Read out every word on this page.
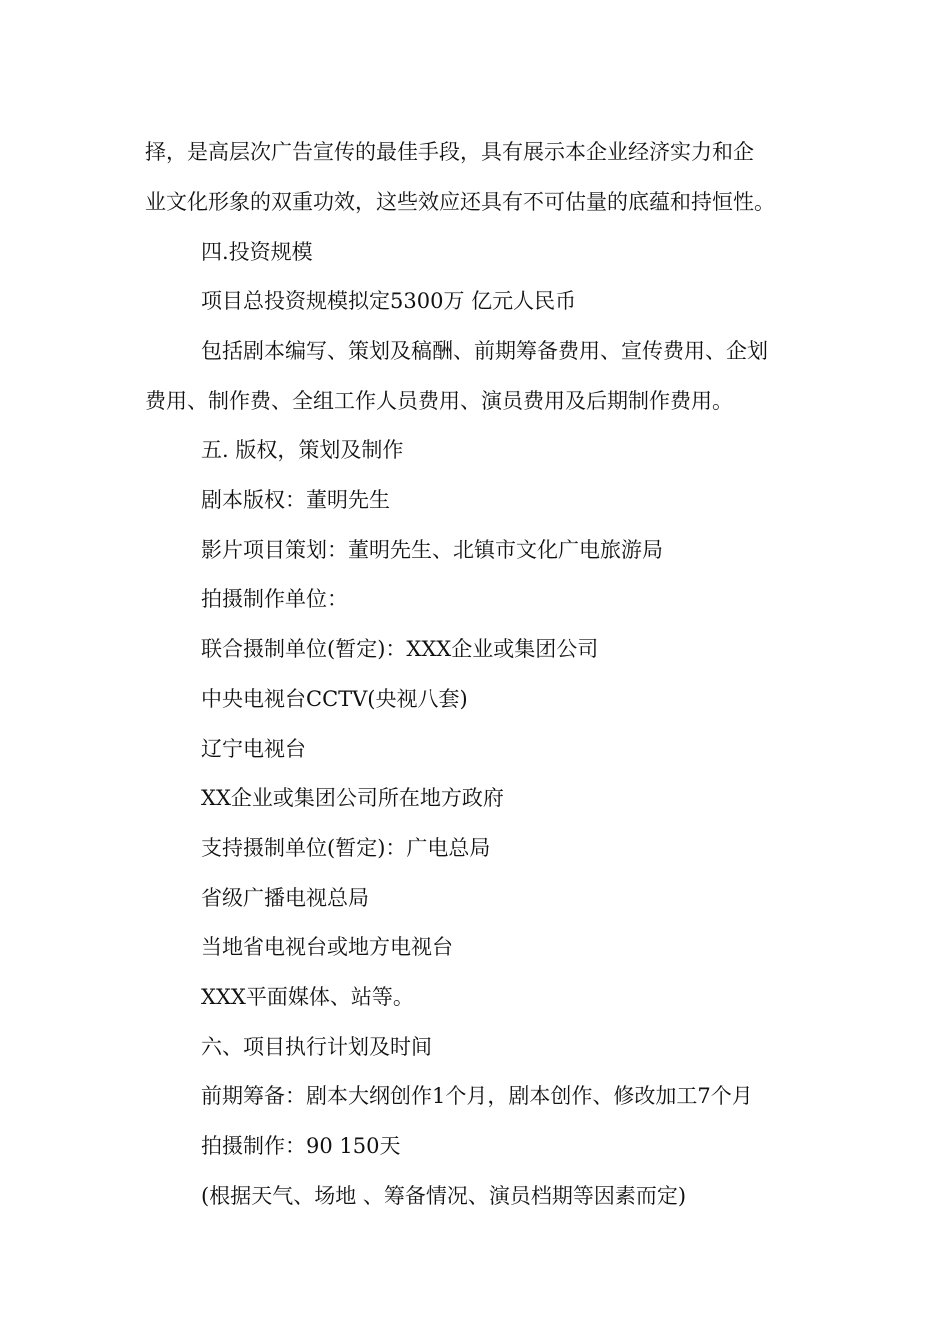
择，是高层次广告宣传的最佳手段，具有展示本企业经济实力和企
业文化形象的双重功效，这些效应还具有不可估量的底蕴和持恒性。
四.投资规模
项目总投资规模拟定5300万 亿元人民币
包括剧本编写、策划及稿酬、前期筹备费用、宣传费用、企划
费用、制作费、全组工作人员费用、演员费用及后期制作费用。
五. 版权，策划及制作
剧本版权：董明先生
影片项目策划：董明先生、北镇市文化广电旅游局
拍摄制作单位：
联合摄制单位(暂定)：XXX企业或集团公司
中央电视台CCTV(央视八套)
辽宁电视台
XX企业或集团公司所在地方政府
支持摄制单位(暂定)：广电总局
省级广播电视总局
当地省电视台或地方电视台
XXX平面媒体、站等。
六、项目执行计划及时间
前期筹备：剧本大纲创作1个月，剧本创作、修改加工7个月
拍摄制作：90 150天
(根据天气、场地 、筹备情况、演员档期等因素而定)
